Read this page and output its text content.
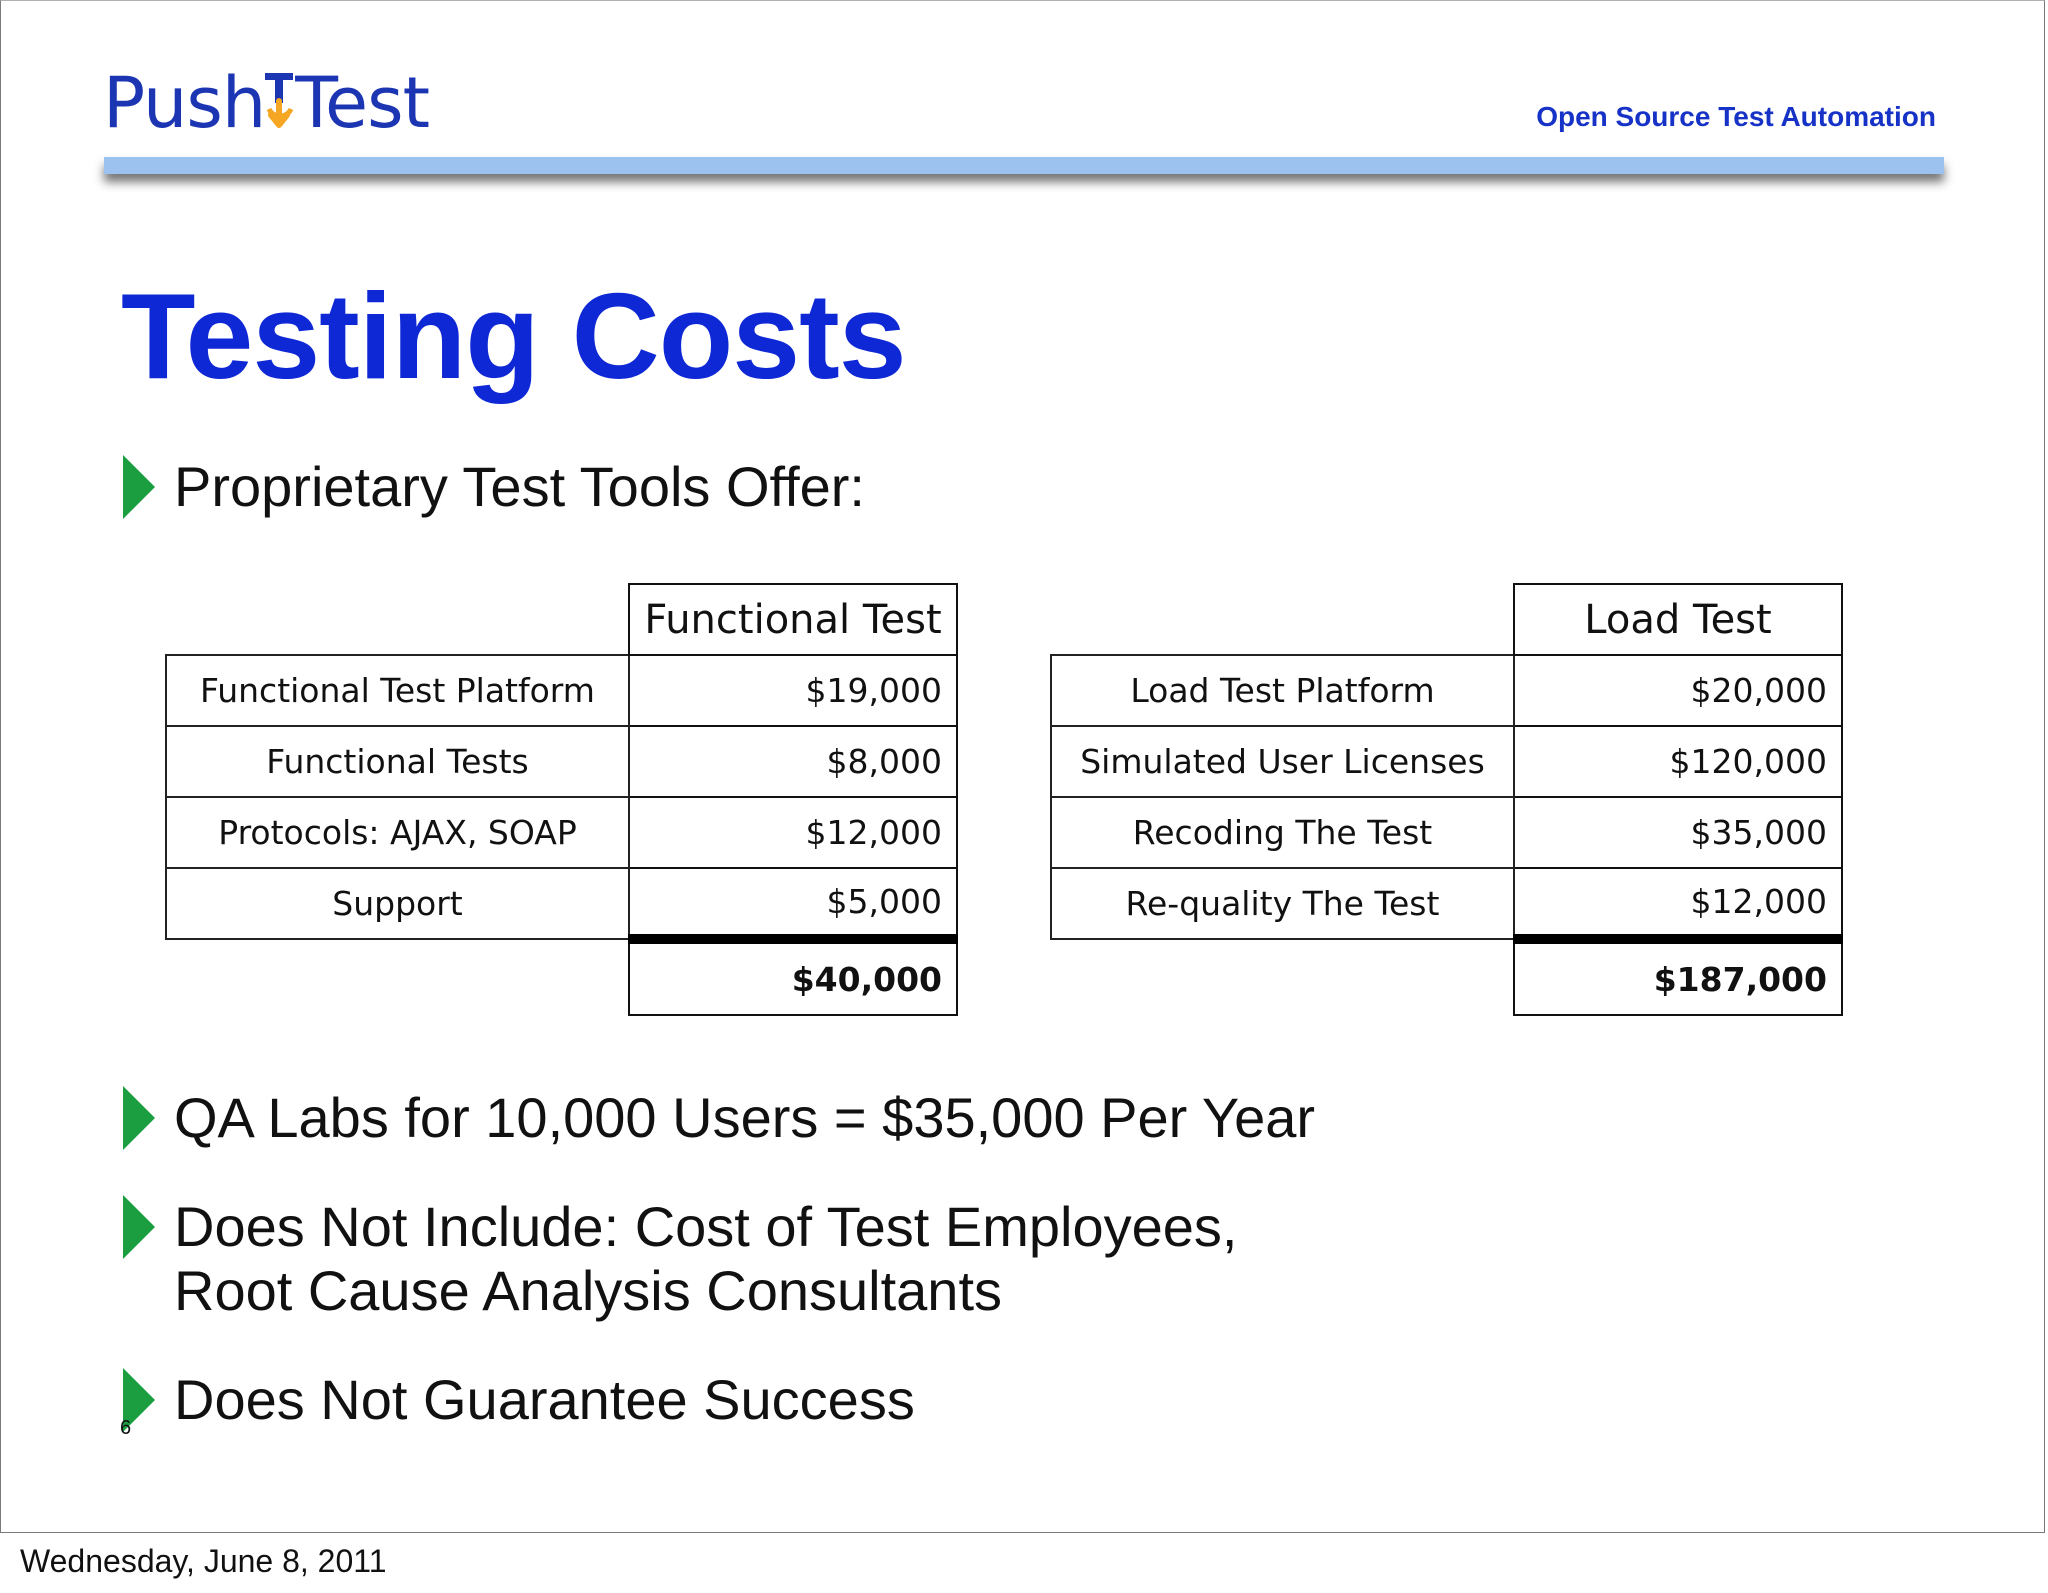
Push Test	Open Source Test Automation
Testing Costs
Proprietary Test Tools Offer:
	Functional Test
Functional Test Platform	$19,000
Functional Tests	$8,000
Protocols: AJAX, SOAP	$12,000
Support	$5,000
	$40,000
	Load Test
Load Test Platform	$20,000
Simulated User Licenses	$120,000
Recoding The Test	$35,000
Re-quality The Test	$12,000
	$187,000
QA Labs for 10,000 Users = $35,000 Per Year
Does Not Include: Cost of Test Employees,
Root Cause Analysis Consultants
Does Not Guarantee Success
6
Wednesday, June 8, 2011
